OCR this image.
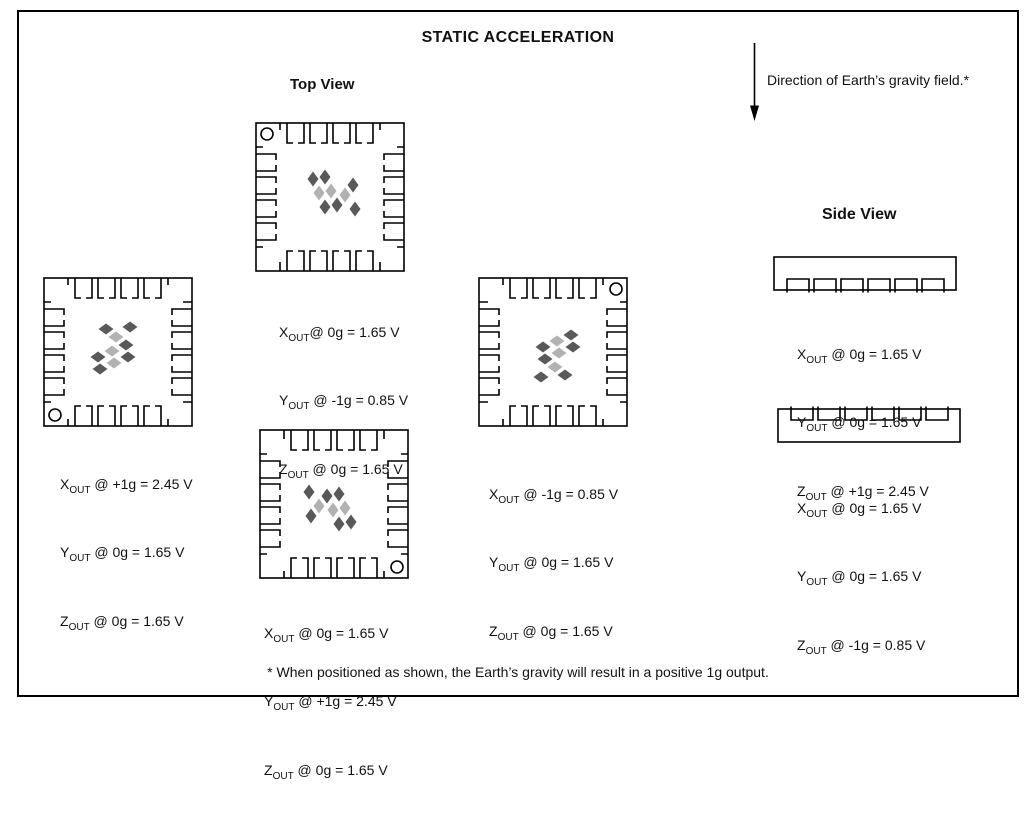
STATIC ACCELERATION
Top View
Side View
Direction of Earth’s gravity field.*

$X_{OUT}@$ 0g = 1.65 V

$Y_{OUT}$ @ -1g = 0.85 V

$Z_{OUT}$ @ 0g = 1.65 V

$X_{OUT}$ @ +1g = 2.45 V

$Y_{OUT}$ @ 0g = 1.65 V

$Z_{OUT}$ @ 0g = 1.65 V

$X_{OUT}$ @ 0g = 1.65 V

$Y_{OUT}$ @ +1g = 2.45 V

$Z_{OUT}$ @ 0g = 1.65 V

$X_{OUT}$ @ -1g = 0.85 V

$Y_{OUT}$ @ 0g = 1.65 V

$Z_{OUT}$ @ 0g = 1.65 V

$X_{OUT}$ @ 0g = 1.65 V

$Y_{OUT}$ @ 0g = 1.65 V

$Z_{OUT}$ @ +1g = 2.45 V

$X_{OUT}$ @ 0g = 1.65 V

$Y_{OUT}$ @ 0g = 1.65 V

$Z_{OUT}$ @ -1g = 0.85 V

* When positioned as shown, the Earth’s gravity will result in a positive 1g output.
